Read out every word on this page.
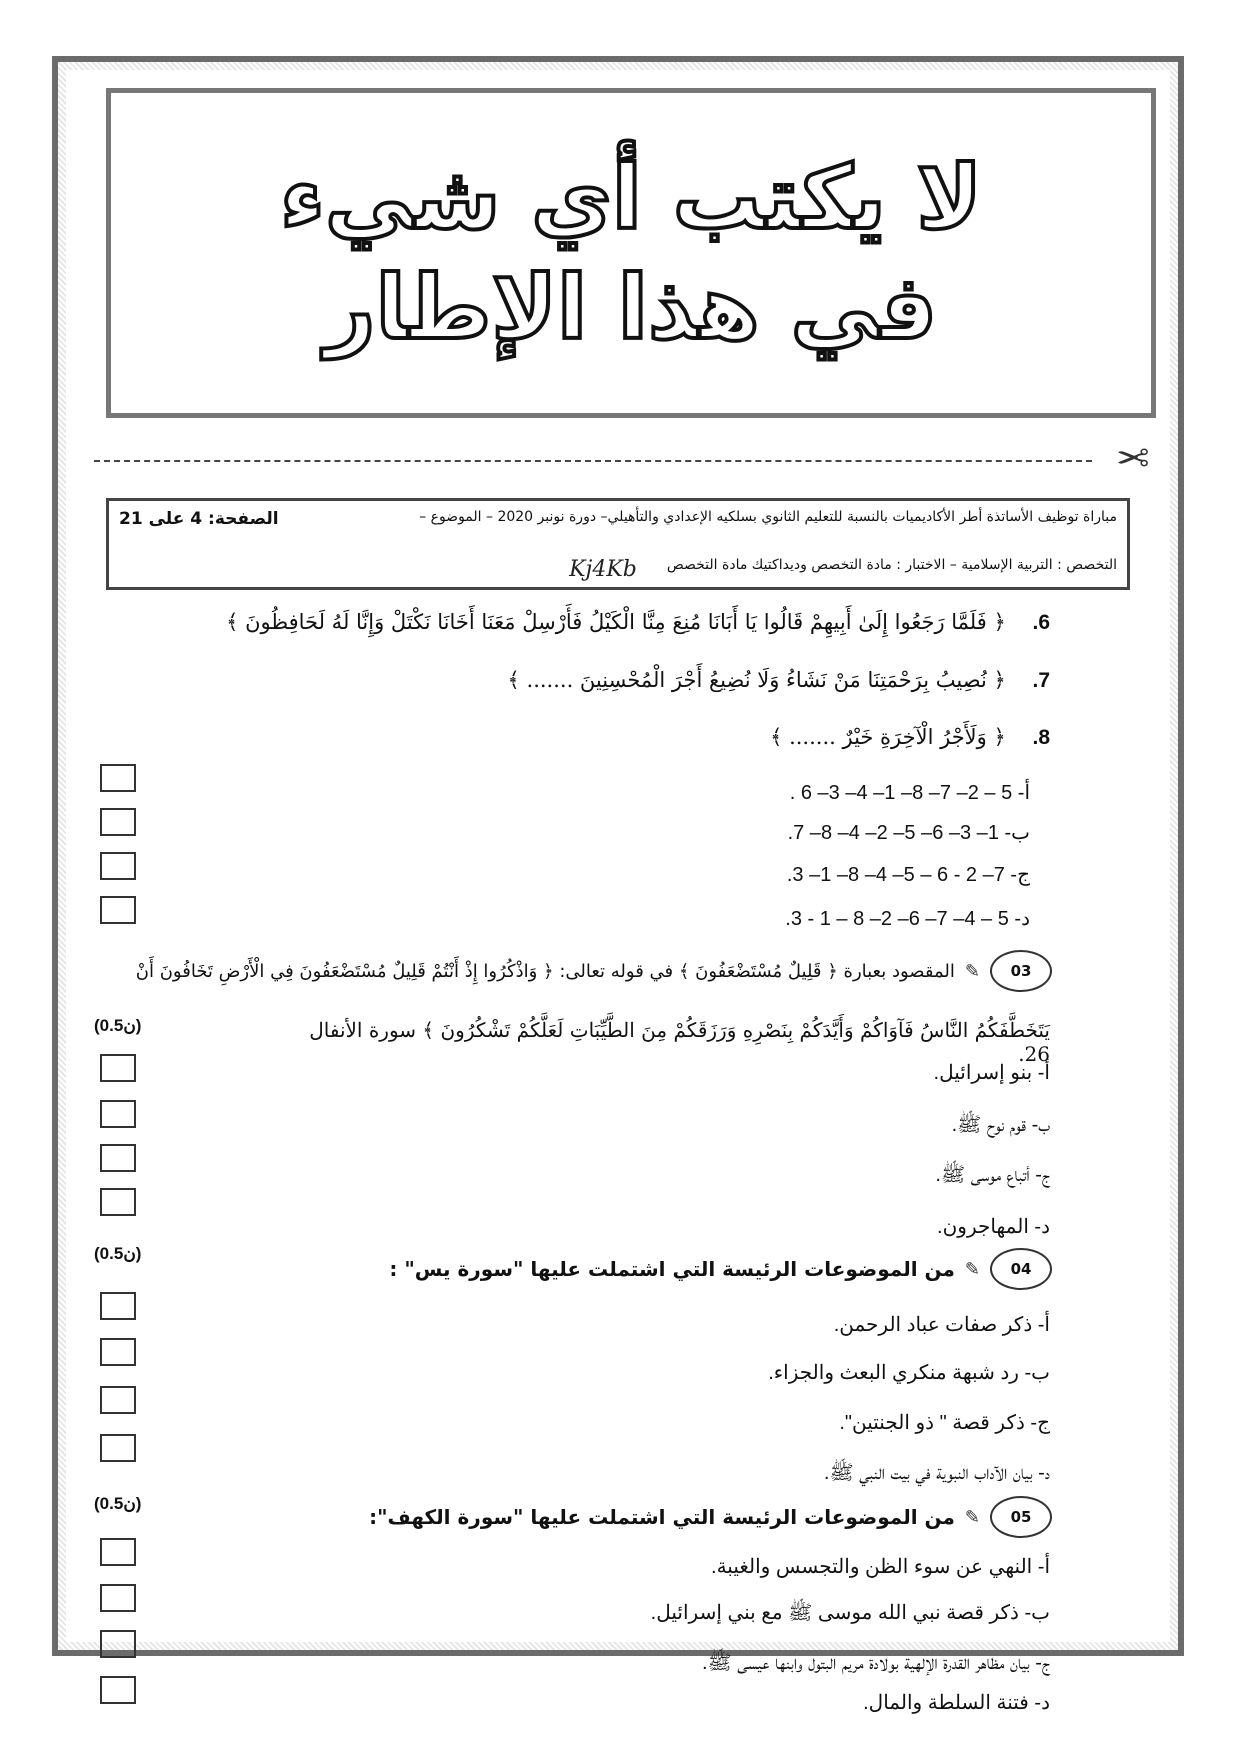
لا يكتب أي شيء
في هذا الإطار
✂
مباراة توظيف الأساتذة أطر الأكاديميات بالنسبة للتعليم الثانوي بسلكيه الإعدادي والتأهيلي– دورة نونبر 2020 – الموضوع –
الصفحة: 4 على 21
التخصص : التربية الإسلامية – الاختبار : مادة التخصص وديداكتيك مادة التخصص
Kj4Kb
6. ﴿ فَلَمَّا رَجَعُوا إِلَىٰ أَبِيهِمْ قَالُوا يَا أَبَانَا مُنِعَ مِنَّا الْكَيْلُ فَأَرْسِلْ مَعَنَا أَخَانَا نَكْتَلْ وَإِنَّا لَهُ لَحَافِظُونَ ﴾
7. ﴿ نُصِيبُ بِرَحْمَتِنَا مَنْ نَشَاءُ وَلَا نُضِيعُ أَجْرَ الْمُحْسِنِينَ ....... ﴾
8. ﴿ وَلَأَجْرُ الْآخِرَةِ خَيْرٌ ....... ﴾
أ- 5 – 2– 7– 8– 1– 4– 3– 6 .
ب- 1– 3– 6– 5– 2– 4– 8– 7.
ج- 7– 2 - 6 – 5– 4– 8– 1– 3.
د- 5 – 4– 7– 6– 2– 8 – 1 - 3.
03
✎
المقصود بعبارة ﴿ قَلِيلٌ مُسْتَضْعَفُونَ ﴾ في قوله تعالى: ﴿ وَاذْكُرُوا إِذْ أَنْتُمْ قَلِيلٌ مُسْتَضْعَفُونَ فِي الْأَرْضِ تَخَافُونَ أَنْ
(ن0.5)	يَتَخَطَّفَكُمُ النَّاسُ فَآوَاكُمْ وَأَيَّدَكُمْ بِنَصْرِهِ وَرَزَقَكُمْ مِنَ الطَّيِّبَاتِ لَعَلَّكُمْ تَشْكُرُونَ ﴾ سورة الأنفال 26.
أ- بنو إسرائيل.
ب- قوم نوح ﷺ.
ج- أتباع موسى ﷺ.
د- المهاجرون.
(ن0.5)
04
✎
من الموضوعات الرئيسة التي اشتملت عليها "سورة يس" :
أ- ذكر صفات عباد الرحمن.
ب- رد شبهة منكري البعث والجزاء.
ج- ذكر قصة " ذو الجنتين".
د- بيان الآداب النبوية في بيت النبي ﷺ.
(ن0.5)
05
✎
من الموضوعات الرئيسة التي اشتملت عليها "سورة الكهف":
أ- النهي عن سوء الظن والتجسس والغيبة.
ب- ذكر قصة نبي الله موسى ﷺ مع بني إسرائيل.
ج- بيان مظاهر القدرة الإلهية بولادة مريم البتول وابنها عيسى ﷺ.
د- فتنة السلطة والمال.
